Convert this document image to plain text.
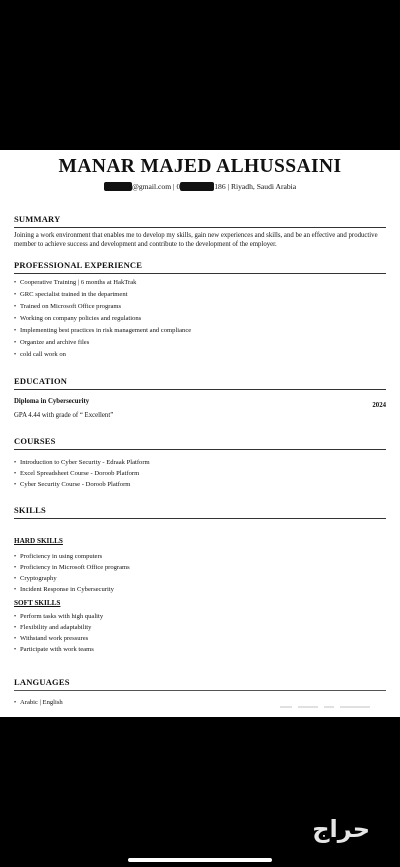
MANAR MAJED ALHUSSAINI
@gmail.com | 0	186 | Riyadh, Saudi Arabia
SUMMARY
Joining a work environment that enables me to develop my skills, gain new experiences and skills, and be an effective and productive member to achieve success and development and contribute to the development of the employer.
PROFESSIONAL EXPERIENCE
• Cooperative Training | 6 months at HakTrak
• GRC specialist trained in the department
• Trained on Microsoft Office programs
• Working on company policies and regulations
• Implementing best practices in risk management and compliance
• Organize and archive files
• cold call work on
EDUCATION
Diploma in Cybersecurity
2024
GPA 4.44 with grade of “ Excellent”
COURSES
• Introduction to Cyber Security - Edraak Platform
• Excel Spreadsheet Course - Doroob Platform
• Cyber Security Course - Doroob Platform
SKILLS
HARD SKILLS
• Proficiency in using computers
• Proficiency in Microsoft Office programs
• Cryptography
• Incident Response in Cybersecurity
SOFT SKILLS
• Perform tasks with high quality
• Flexibility and adaptability
• Withstand work pressures
• Participate with work teams
LANGUAGES
• Arabic | English
حراج
